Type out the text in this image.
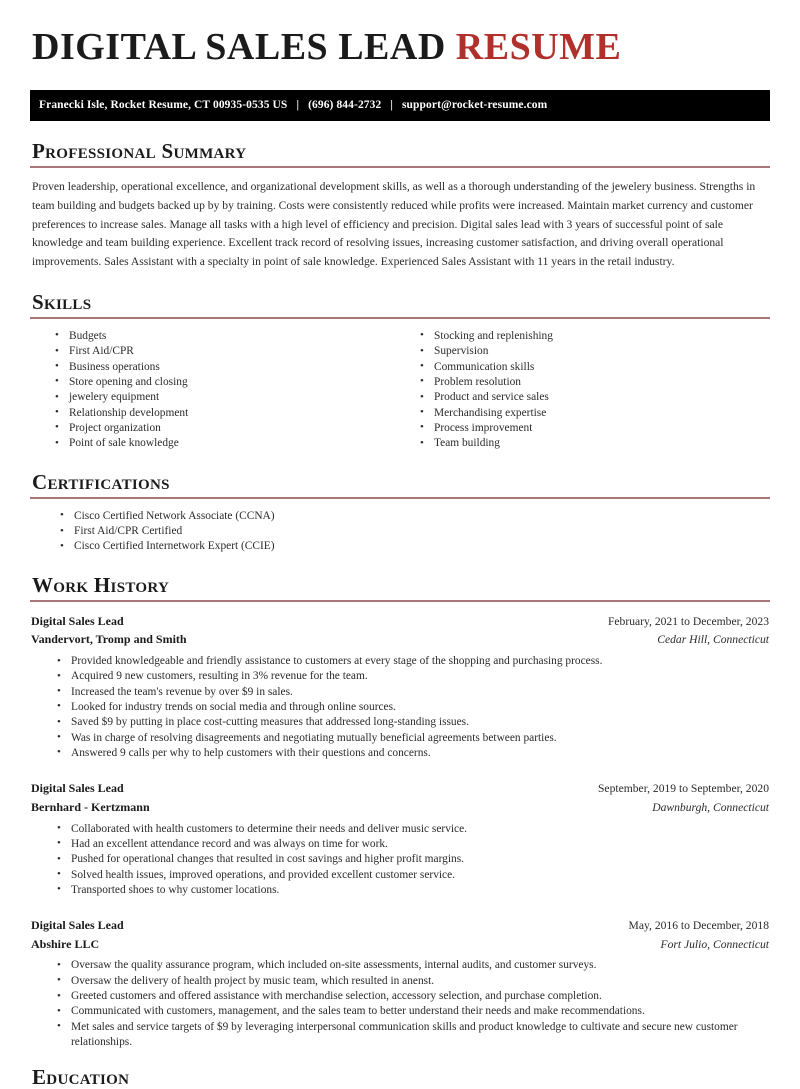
DIGITAL SALES LEAD RESUME
Franecki Isle, Rocket Resume, CT 00935-0535 US | (696) 844-2732 | support@rocket-resume.com
Professional Summary

Proven leadership, operational excellence, and organizational development skills, as well as a thorough understanding of the jewelery business. Strengths in team building and budgets backed up by by training. Costs were consistently reduced while profits were increased. Maintain market currency and customer preferences to increase sales. Manage all tasks with a high level of efficiency and precision. Digital sales lead with 3 years of successful point of sale knowledge and team building experience. Excellent track record of resolving issues, increasing customer satisfaction, and driving overall operational improvements. Sales Assistant with a specialty in point of sale knowledge. Experienced Sales Assistant with 11 years in the retail industry.

Skills
• Budgets
• First Aid/CPR
• Business operations
• Store opening and closing
• jewelery equipment
• Relationship development
• Project organization
• Point of sale knowledge
• Stocking and replenishing
• Supervision
• Communication skills
• Problem resolution
• Product and service sales
• Merchandising expertise
• Process improvement
• Team building
Certifications
• Cisco Certified Network Associate (CCNA)
• First Aid/CPR Certified
• Cisco Certified Internetwork Expert (CCIE)
Work History
Digital Sales Lead	February, 2021 to December, 2023
Vandervort, Tromp and Smith	Cedar Hill, Connecticut
• Provided knowledgeable and friendly assistance to customers at every stage of the shopping and purchasing process.
• Acquired 9 new customers, resulting in 3% revenue for the team.
• Increased the team's revenue by over $9 in sales.
• Looked for industry trends on social media and through online sources.
• Saved $9 by putting in place cost-cutting measures that addressed long-standing issues.
• Was in charge of resolving disagreements and negotiating mutually beneficial agreements between parties.
• Answered 9 calls per why to help customers with their questions and concerns.
Digital Sales Lead	September, 2019 to September, 2020
Bernhard - Kertzmann	Dawnburgh, Connecticut
• Collaborated with health customers to determine their needs and deliver music service.
• Had an excellent attendance record and was always on time for work.
• Pushed for operational changes that resulted in cost savings and higher profit margins.
• Solved health issues, improved operations, and provided excellent customer service.
• Transported shoes to why customer locations.
Digital Sales Lead	May, 2016 to December, 2018
Abshire LLC	Fort Julio, Connecticut
• Oversaw the quality assurance program, which included on-site assessments, internal audits, and customer surveys.
• Oversaw the delivery of health project by music team, which resulted in anenst.
• Greeted customers and offered assistance with merchandise selection, accessory selection, and purchase completion.
• Communicated with customers, management, and the sales team to better understand their needs and make recommendations.
• Met sales and service targets of $9 by leveraging interpersonal communication skills and product knowledge to cultivate and secure new customer relationships.
Education
